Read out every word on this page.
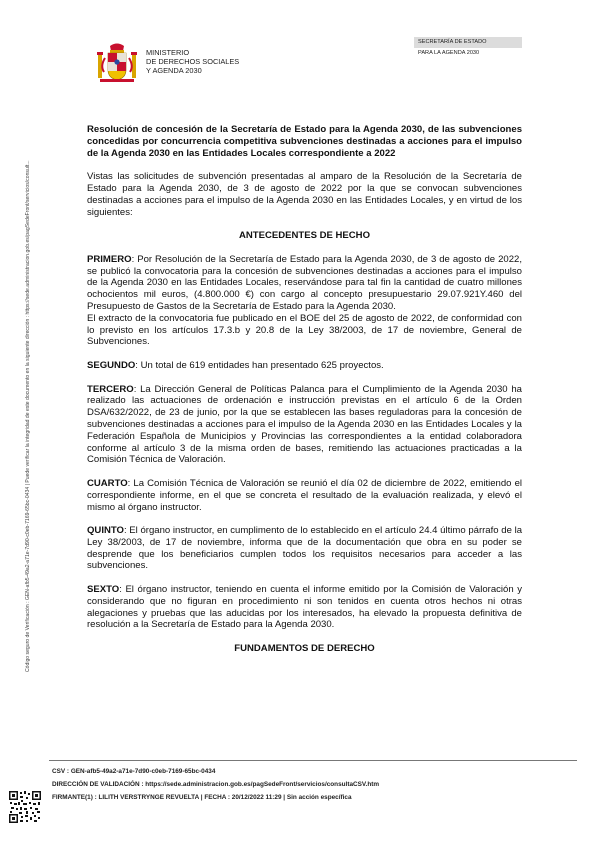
MINISTERIO
DE DERECHOS SOCIALES
Y AGENDA 2030
SECRETARÍA DE ESTADO
PARA LA AGENDA 2030
Código seguro de Verificación : GEN-afb5-49a2-a71e-7d90-c0eb-7169-65bc-0434 | Puede verificar la integridad de este documento en la siguiente dirección : https://sede.administracion.gob.es/pagSedeFront/servicios/consult...

Resolución de concesión de la Secretaría de Estado para la Agenda 2030, de las subvenciones concedidas por concurrencia competitiva subvenciones destinadas a acciones para el impulso de la Agenda 2030 en las Entidades Locales correspondiente a 2022

Vistas las solicitudes de subvención presentadas al amparo de la Resolución de la Secretaría de Estado para la Agenda 2030, de 3 de agosto de 2022 por la que se convocan subvenciones destinadas a acciones para el impulso de la Agenda 2030 en las Entidades Locales, y en virtud de los siguientes:

ANTECEDENTES DE HECHO

PRIMERO: Por Resolución de la Secretaría de Estado para la Agenda 2030, de 3 de agosto de 2022, se publicó la convocatoria para la concesión de subvenciones destinadas a acciones para el impulso de la Agenda 2030 en las Entidades Locales, reservándose para tal fin la cantidad de cuatro millones ochocientos mil euros, (4.800.000 €) con cargo al concepto presupuestario 29.07.921Y.460 del Presupuesto de Gastos de la Secretaría de Estado para la Agenda 2030.

El extracto de la convocatoria fue publicado en el BOE del 25 de agosto de 2022, de conformidad con lo previsto en los artículos 17.3.b y 20.8 de la Ley 38/2003, de 17 de noviembre, General de Subvenciones.

SEGUNDO: Un total de 619 entidades han presentado 625 proyectos.

TERCERO: La Dirección General de Políticas Palanca para el Cumplimiento de la Agenda 2030 ha realizado las actuaciones de ordenación e instrucción previstas en el artículo 6 de la Orden DSA/632/2022, de 23 de junio, por la que se establecen las bases reguladoras para la concesión de subvenciones destinadas a acciones para el impulso de la Agenda 2030 en las Entidades Locales y la Federación Española de Municipios y Provincias las correspondientes a la entidad colaboradora conforme al artículo 3 de la misma orden de bases, remitiendo las actuaciones practicadas a la Comisión Técnica de Valoración.

CUARTO: La Comisión Técnica de Valoración se reunió el día 02 de diciembre de 2022, emitiendo el correspondiente informe, en el que se concreta el resultado de la evaluación realizada, y elevó el mismo al órgano instructor.

QUINTO: El órgano instructor, en cumplimento de lo establecido en el artículo 24.4 último párrafo de la Ley 38/2003, de 17 de noviembre, informa que de la documentación que obra en su poder se desprende que los beneficiarios cumplen todos los requisitos necesarios para acceder a las subvenciones.

SEXTO: El órgano instructor, teniendo en cuenta el informe emitido por la Comisión de Valoración y considerando que no figuran en procedimiento ni son tenidos en cuenta otros hechos ni otras alegaciones y pruebas que las aducidas por los interesados, ha elevado la propuesta definitiva de resolución a la Secretaría de Estado para la Agenda 2030.

FUNDAMENTOS DE DERECHO

CSV : GEN-afb5-49a2-a71e-7d90-c0eb-7169-65bc-0434
DIRECCIÓN DE VALIDACIÓN : https://sede.administracion.gob.es/pagSedeFront/servicios/consultaCSV.htm
FIRMANTE(1) : LILITH VERSTRYNGE REVUELTA | FECHA : 20/12/2022 11:29 | Sin acción específica
